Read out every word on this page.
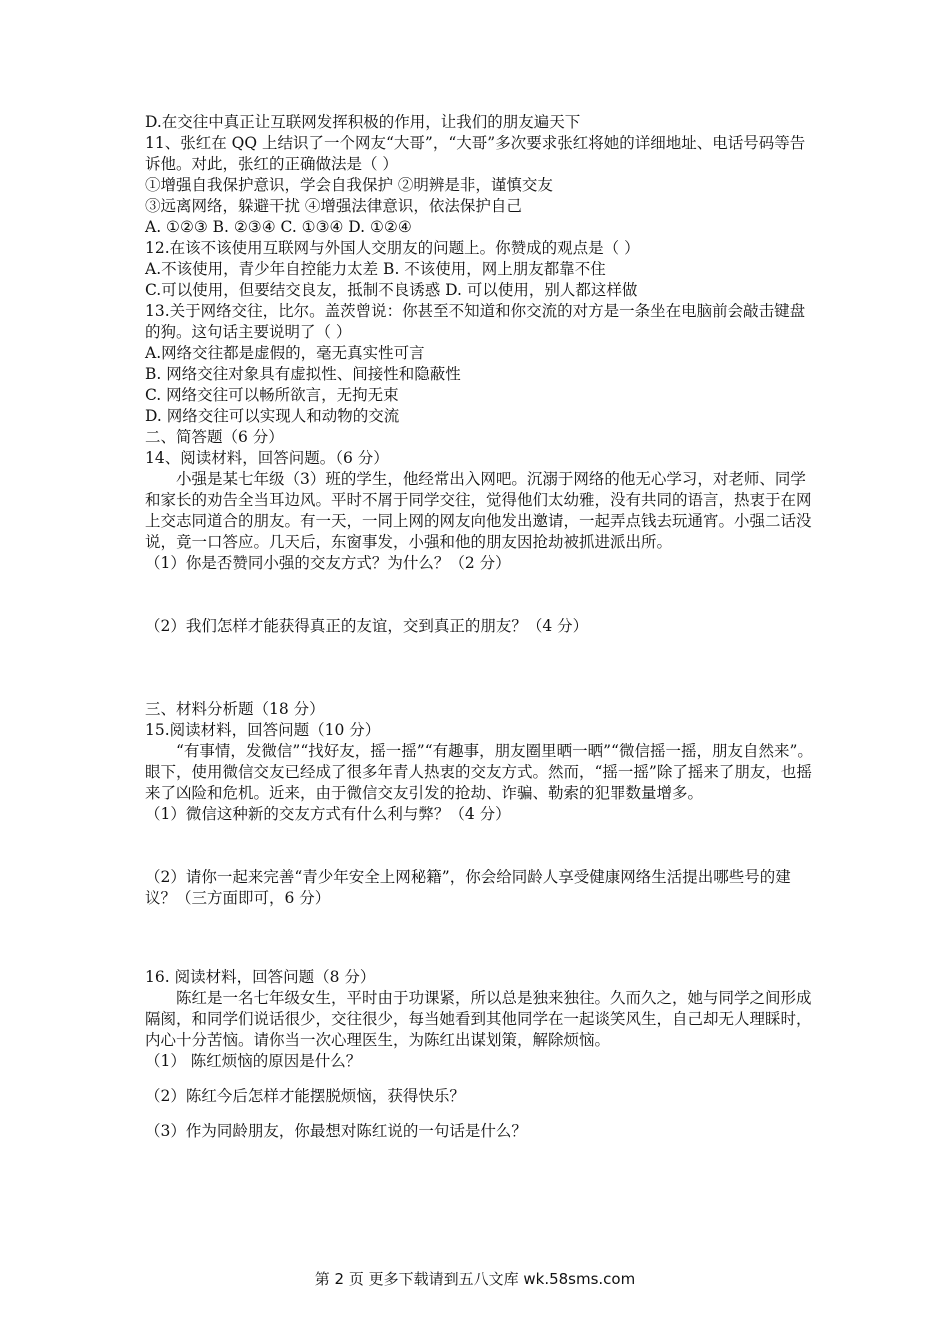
D.在交往中真正让互联网发挥积极的作用，让我们的朋友遍天下

11、张红在 QQ 上结识了一个网友“大哥”，“大哥”多次要求张红将她的详细地址、电话号码等告诉他。对此，张红的正确做法是（ ）

①增强自我保护意识，学会自我保护 ②明辨是非，谨慎交友

③远离网络，躲避干扰 ④增强法律意识，依法保护自己

A. ①②③ B. ②③④ C. ①③④ D. ①②④

12.在该不该使用互联网与外国人交朋友的问题上。你赞成的观点是（ ）

A.不该使用，青少年自控能力太差 B. 不该使用，网上朋友都靠不住

C.可以使用，但要结交良友，抵制不良诱惑 D. 可以使用，别人都这样做

13.关于网络交往，比尔。盖茨曾说：你甚至不知道和你交流的对方是一条坐在电脑前会敲击键盘的狗。这句话主要说明了（ ）

A.网络交往都是虚假的，毫无真实性可言

B. 网络交往对象具有虚拟性、间接性和隐蔽性

C. 网络交往可以畅所欲言，无拘无束

D. 网络交往可以实现人和动物的交流

二、简答题（6 分）

14、阅读材料，回答问题。（6 分）

小强是某七年级（3）班的学生，他经常出入网吧。沉溺于网络的他无心学习，对老师、同学和家长的劝告全当耳边风。平时不屑于同学交往，觉得他们太幼雅，没有共同的语言，热衷于在网上交志同道合的朋友。有一天，一同上网的网友向他发出邀请，一起弄点钱去玩通宵。小强二话没说，竟一口答应。几天后，东窗事发，小强和他的朋友因抢劫被抓进派出所。

（1）你是否赞同小强的交友方式？为什么？（2 分）

（2）我们怎样才能获得真正的友谊，交到真正的朋友？（4 分）

三、材料分析题（18 分）

15.阅读材料，回答问题（10 分）

“有事情，发微信”“找好友，摇一摇”“有趣事，朋友圈里晒一晒”“微信摇一摇，朋友自然来”。眼下，使用微信交友已经成了很多年青人热衷的交友方式。然而，“摇一摇”除了摇来了朋友，也摇来了凶险和危机。近来，由于微信交友引发的抢劫、诈骗、勒索的犯罪数量增多。

（1）微信这种新的交友方式有什么利与弊？（4 分）

（2）请你一起来完善“青少年安全上网秘籍”，你会给同龄人享受健康网络生活提出哪些号的建议？（三方面即可，6 分）

16. 阅读材料，回答问题（8 分）

陈红是一名七年级女生，平时由于功课紧，所以总是独来独往。久而久之，她与同学之间形成隔阂，和同学们说话很少，交往很少，每当她看到其他同学在一起谈笑风生，自己却无人理睬时，内心十分苦恼。请你当一次心理医生，为陈红出谋划策，解除烦恼。

（1） 陈红烦恼的原因是什么？

（2）陈红今后怎样才能摆脱烦恼，获得快乐？

（3）作为同龄朋友，你最想对陈红说的一句话是什么？

第 2 页 更多下载请到五八文库 wk.58sms.com
